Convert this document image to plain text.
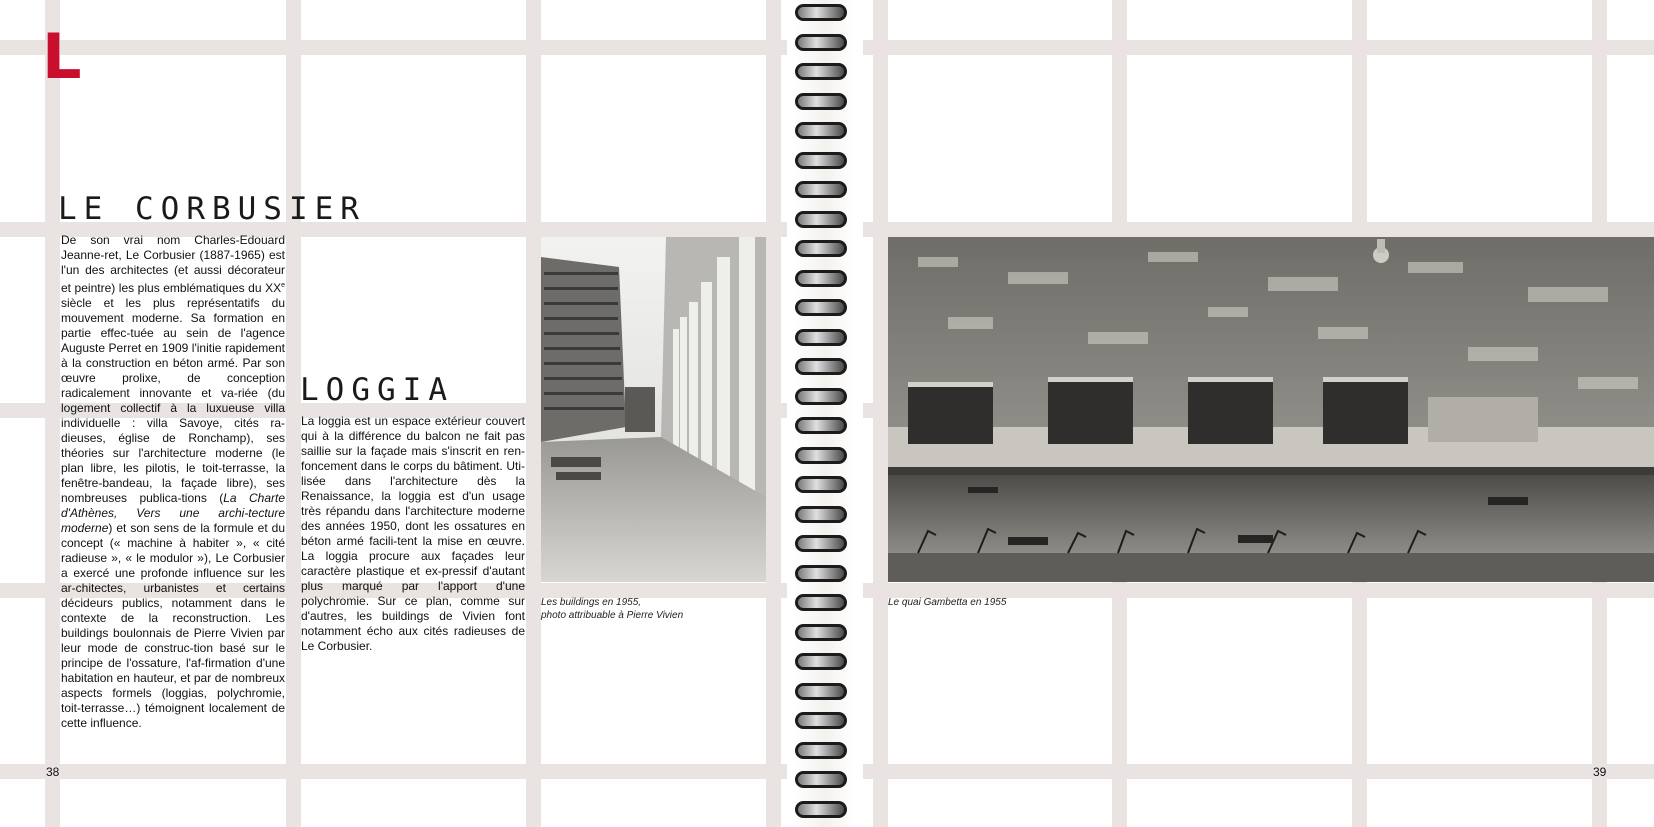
L
LE CORBUSIER

De son vrai nom Charles-Edouard Jeanne-ret, Le Corbusier (1887-1965) est l'un des architectes (et aussi décorateur et peintre) les plus emblématiques du XXe siècle et les plus représentatifs du mouvement moderne. Sa formation en partie effec-tuée au sein de l'agence Auguste Perret en 1909 l'initie rapidement à la construction en béton armé. Par son œuvre prolixe, de conception radicalement innovante et va-riée (du logement collectif à la luxueuse villa individuelle : villa Savoye, cités ra-dieuses, église de Ronchamp), ses théories sur l'architecture moderne (le plan libre, les pilotis, le toit-terrasse, la fenêtre-bandeau, la façade libre), ses nombreuses publica-tions (La Charte d'Athènes, Vers une archi-tecture moderne) et son sens de la formule et du concept (« machine à habiter », « cité radieuse », « le modulor »), Le Corbusier a exercé une profonde influence sur les ar-chitectes, urbanistes et certains décideurs publics, notamment dans le contexte de la reconstruction. Les buildings boulonnais de Pierre Vivien par leur mode de construc-tion basé sur le principe de l'ossature, l'af-firmation d'une habitation en hauteur, et par de nombreux aspects formels (loggias, polychromie, toit-terrasse…) témoignent localement de cette influence.

LOGGIA

La loggia est un espace extérieur couvert qui à la différence du balcon ne fait pas saillie sur la façade mais s'inscrit en ren-foncement dans le corps du bâtiment. Uti-lisée dans l'architecture dès la Renaissance, la loggia est d'un usage très répandu dans l'architecture moderne des années 1950, dont les ossatures en béton armé facili-tent la mise en œuvre. La loggia procure aux façades leur caractère plastique et ex-pressif d'autant plus marqué par l'apport d'une polychromie. Sur ce plan, comme sur d'autres, les buildings de Vivien font notamment écho aux cités radieuses de Le Corbusier.

Les buildings en 1955,
photo attribuable à Pierre Vivien
38
Le quai Gambetta en 1955
39
